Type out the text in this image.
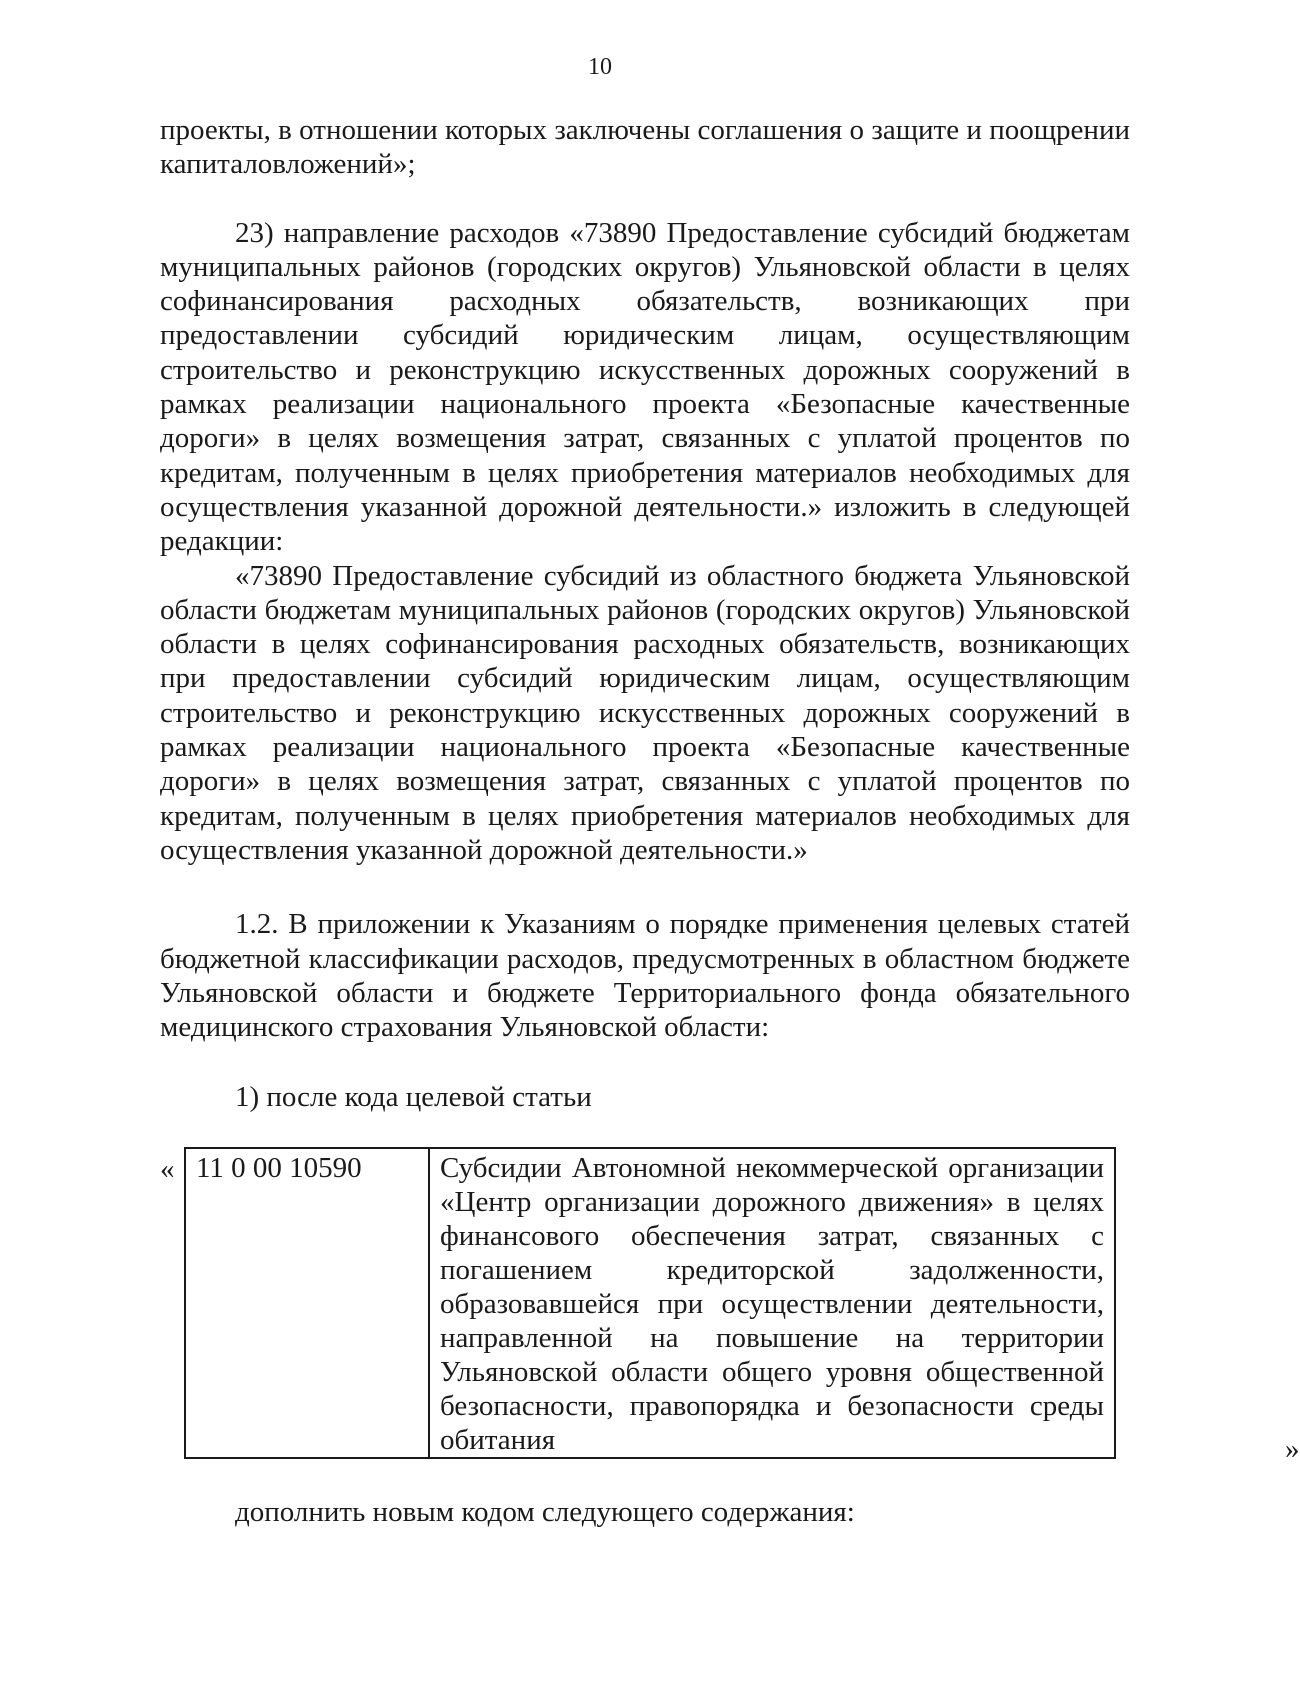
10

проекты, в отношении которых заключены соглашения о защите и поощрении капиталовложений»;

23) направление расходов «73890 Предоставление субсидий бюджетам муниципальных районов (городских округов) Ульяновской области в целях софинансирования расходных обязательств, возникающих при предоставлении субсидий юридическим лицам, осуществляющим строительство и реконструкцию искусственных дорожных сооружений в рамках реализации национального проекта «Безопасные качественные дороги» в целях возмещения затрат, связанных с уплатой процентов по кредитам, полученным в целях приобретения материалов необходимых для осуществления указанной дорожной деятельности.» изложить в следующей редакции:

«73890 Предоставление субсидий из областного бюджета Ульяновской области бюджетам муниципальных районов (городских округов) Ульяновской области в целях софинансирования расходных обязательств, возникающих при предоставлении субсидий юридическим лицам, осуществляющим строительство и реконструкцию искусственных дорожных сооружений в рамках реализации национального проекта «Безопасные качественные дороги» в целях возмещения затрат, связанных с уплатой процентов по кредитам, полученным в целях приобретения материалов необходимых для осуществления указанной дорожной деятельности.»

1.2. В приложении к Указаниям о порядке применения целевых статей бюджетной классификации расходов, предусмотренных в областном бюджете Ульяновской области и бюджете Территориального фонда обязательного медицинского страхования Ульяновской области:

1) после кода целевой статьи

« 11 0 00 10590	Субсидии Автономной некоммерческой организации «Центр организации дорожного движения» в целях финансового обеспечения затрат, связанных с погашением кредиторской задолженности, образовавшейся при осуществлении деятельности, направленной на повышение на территории Ульяновской области общего уровня общественной безопасности, правопорядка и безопасности среды обитания	»

дополнить новым кодом следующего содержания:
